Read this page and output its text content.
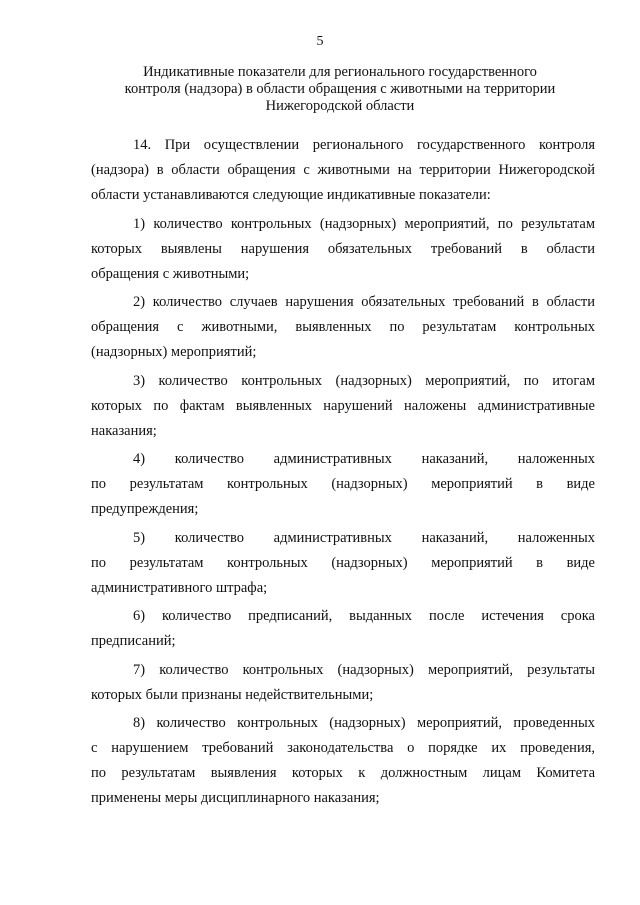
5
Индикативные показатели для регионального государственного
контроля (надзора) в области обращения с животными на территории
Нижегородской области
14. При осуществлении регионального государственного контроля
(надзора) в области обращения с животными на территории Нижегородской
области устанавливаются следующие индикативные показатели:
1) количество контрольных (надзорных) мероприятий, по результатам
которых выявлены нарушения обязательных требований в области
обращения с животными;
2) количество случаев нарушения обязательных требований в области
обращения с животными, выявленных по результатам контрольных
(надзорных) мероприятий;
3) количество контрольных (надзорных) мероприятий, по итогам
которых по фактам выявленных нарушений наложены административные
наказания;
4) количество административных наказаний, наложенных
по результатам контрольных (надзорных) мероприятий в виде
предупреждения;
5) количество административных наказаний, наложенных
по результатам контрольных (надзорных) мероприятий в виде
административного штрафа;
6) количество предписаний, выданных после истечения срока
предписаний;
7) количество контрольных (надзорных) мероприятий, результаты
которых были признаны недействительными;
8) количество контрольных (надзорных) мероприятий, проведенных
с нарушением требований законодательства о порядке их проведения,
по результатам выявления которых к должностным лицам Комитета
применены меры дисциплинарного наказания;
